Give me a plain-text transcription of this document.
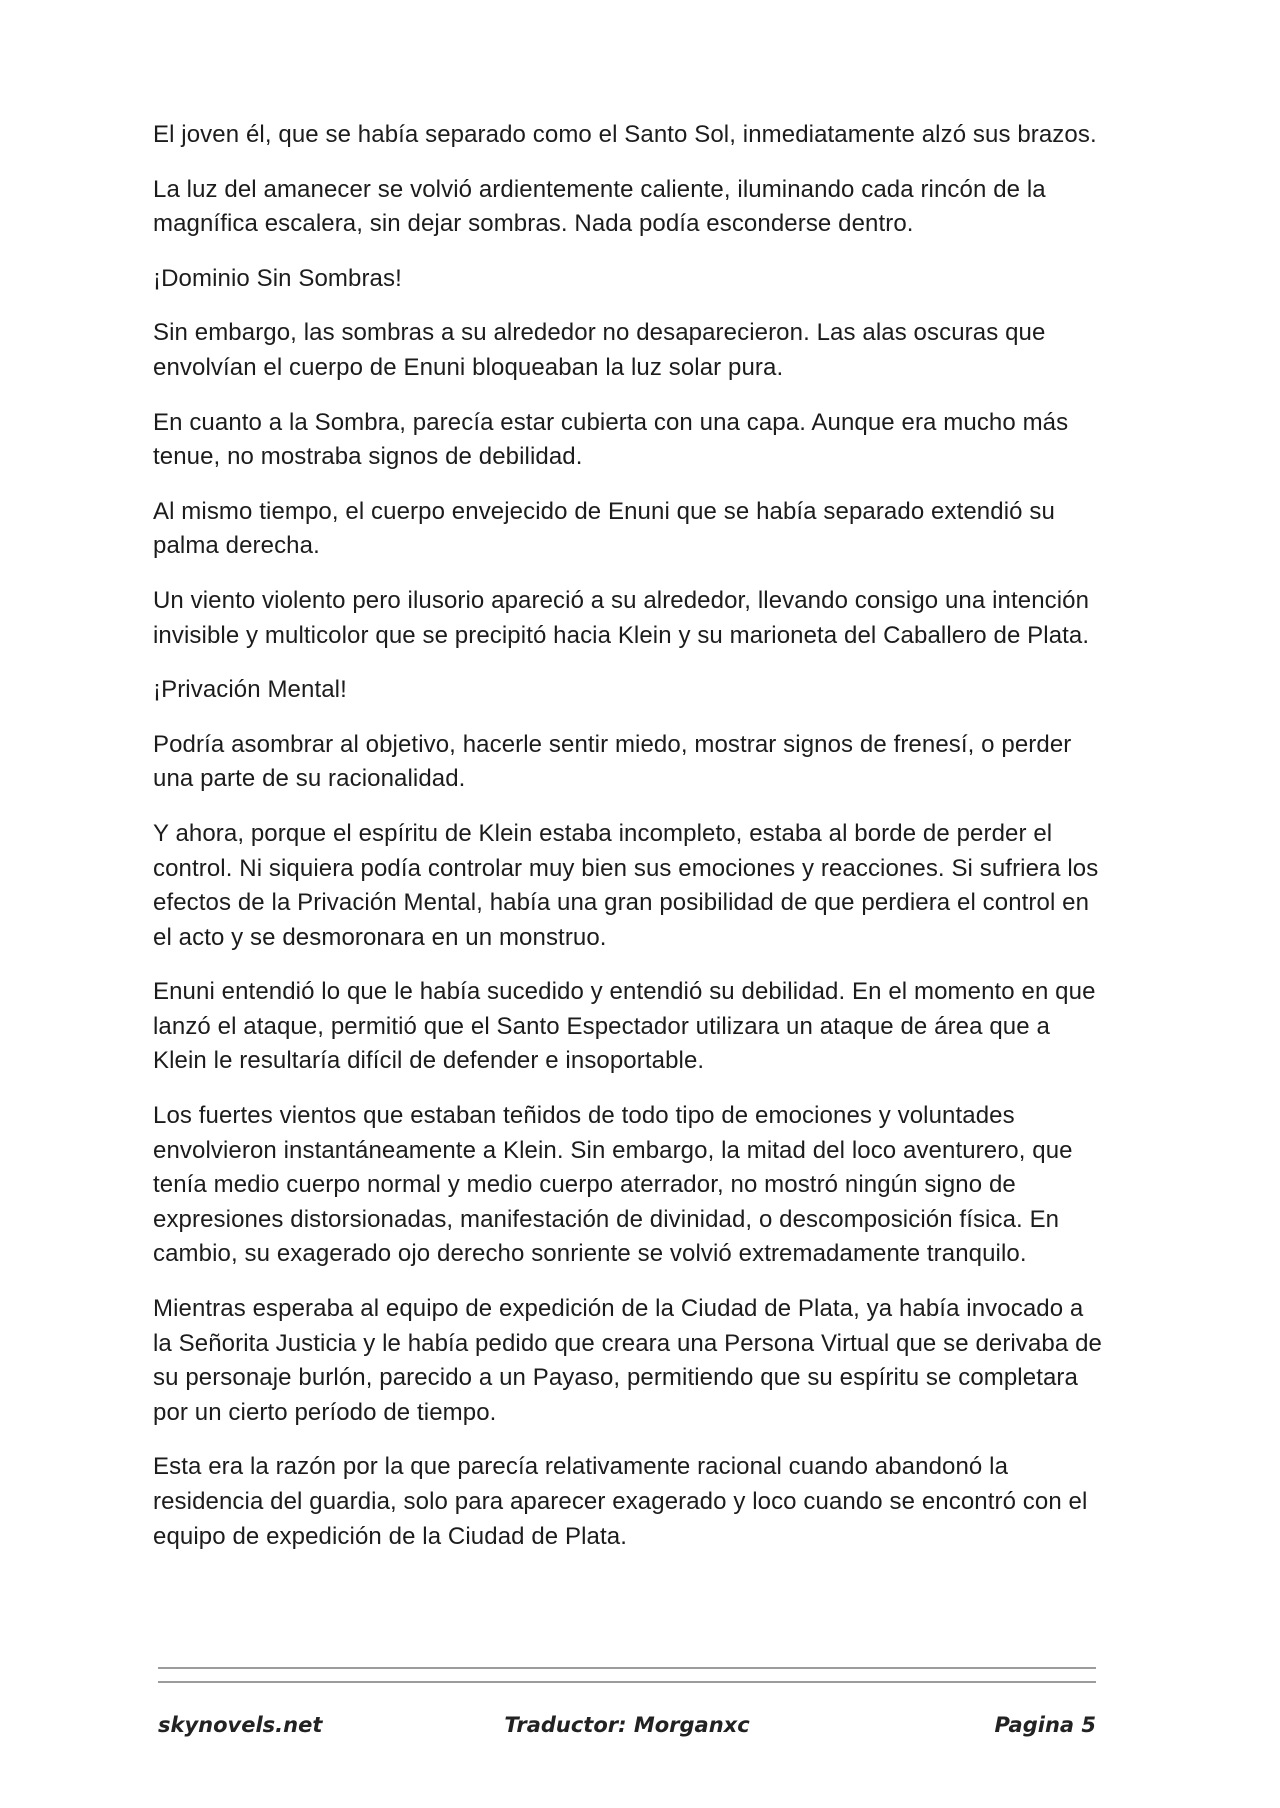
El joven él, que se había separado como el Santo Sol, inmediatamente alzó sus brazos.

La luz del amanecer se volvió ardientemente caliente, iluminando cada rincón de la magnífica escalera, sin dejar sombras. Nada podía esconderse dentro.

¡Dominio Sin Sombras!

Sin embargo, las sombras a su alrededor no desaparecieron. Las alas oscuras que envolvían el cuerpo de Enuni bloqueaban la luz solar pura.

En cuanto a la Sombra, parecía estar cubierta con una capa. Aunque era mucho más tenue, no mostraba signos de debilidad.

Al mismo tiempo, el cuerpo envejecido de Enuni que se había separado extendió su palma derecha.

Un viento violento pero ilusorio apareció a su alrededor, llevando consigo una intención invisible y multicolor que se precipitó hacia Klein y su marioneta del Caballero de Plata.

¡Privación Mental!

Podría asombrar al objetivo, hacerle sentir miedo, mostrar signos de frenesí, o perder una parte de su racionalidad.

Y ahora, porque el espíritu de Klein estaba incompleto, estaba al borde de perder el control. Ni siquiera podía controlar muy bien sus emociones y reacciones. Si sufriera los efectos de la Privación Mental, había una gran posibilidad de que perdiera el control en el acto y se desmoronara en un monstruo.

Enuni entendió lo que le había sucedido y entendió su debilidad. En el momento en que lanzó el ataque, permitió que el Santo Espectador utilizara un ataque de área que a Klein le resultaría difícil de defender e insoportable.

Los fuertes vientos que estaban teñidos de todo tipo de emociones y voluntades envolvieron instantáneamente a Klein. Sin embargo, la mitad del loco aventurero, que tenía medio cuerpo normal y medio cuerpo aterrador, no mostró ningún signo de expresiones distorsionadas, manifestación de divinidad, o descomposición física. En cambio, su exagerado ojo derecho sonriente se volvió extremadamente tranquilo.

Mientras esperaba al equipo de expedición de la Ciudad de Plata, ya había invocado a la Señorita Justicia y le había pedido que creara una Persona Virtual que se derivaba de su personaje burlón, parecido a un Payaso, permitiendo que su espíritu se completara por un cierto período de tiempo.

Esta era la razón por la que parecía relativamente racional cuando abandonó la residencia del guardia, solo para aparecer exagerado y loco cuando se encontró con el equipo de expedición de la Ciudad de Plata.

skynovels.net	Traductor: Morganxc	Pagina 5
